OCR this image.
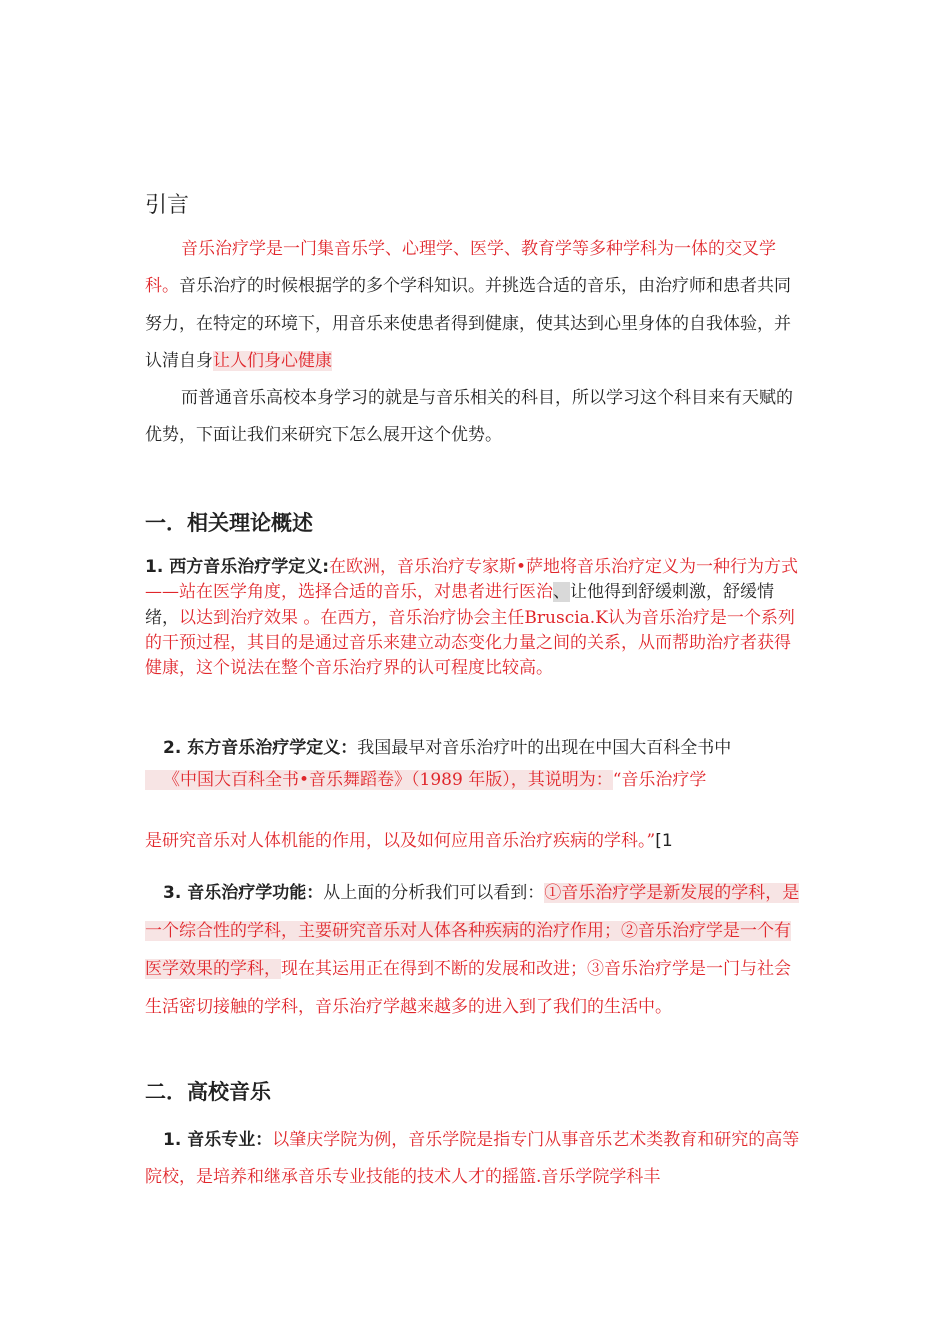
引言

音乐治疗学是一门集音乐学、心理学、医学、教育学等多种学科为一体的交叉学科。音乐治疗的时候根据学的多个学科知识。并挑选合适的音乐，由治疗师和患者共同努力，在特定的环境下，用音乐来使患者得到健康，使其达到心里身体的自我体验，并认清自身让人们身心健康

而普通音乐高校本身学习的就是与音乐相关的科目，所以学习这个科目来有天赋的优势，下面让我们来研究下怎么展开这个优势。

一．相关理论概述

1. 西方音乐治疗学定义:在欧洲，音乐治疗专家斯•萨地将音乐治疗定义为一种行为方式——站在医学角度，选择合适的音乐，对患者进行医治、让他得到舒缓刺激，舒缓情绪，以达到治疗效果 。在西方，音乐治疗协会主任Bruscia.K认为音乐治疗是一个系列的干预过程，其目的是通过音乐来建立动态变化力量之间的关系，从而帮助治疗者获得健康，这个说法在整个音乐治疗界的认可程度比较高。

2. 东方音乐治疗学定义：我国最早对音乐治疗叶的出现在中国大百科全书中

《中国大百科全书•音乐舞蹈卷》（1989 年版），其说明为：“音乐治疗学

是研究音乐对人体机能的作用，以及如何应用音乐治疗疾病的学科。”[1

3. 音乐治疗学功能：从上面的分析我们可以看到：①音乐治疗学是新发展的学科，是一个综合性的学科，主要研究音乐对人体各种疾病的治疗作用；②音乐治疗学是一个有医学效果的学科，现在其运用正在得到不断的发展和改进；③音乐治疗学是一门与社会生活密切接触的学科，音乐治疗学越来越多的进入到了我们的生活中。

二．高校音乐

1. 音乐专业：以肇庆学院为例，音乐学院是指专门从事音乐艺术类教育和研究的高等院校，是培养和继承音乐专业技能的技术人才的摇篮.音乐学院学科丰
